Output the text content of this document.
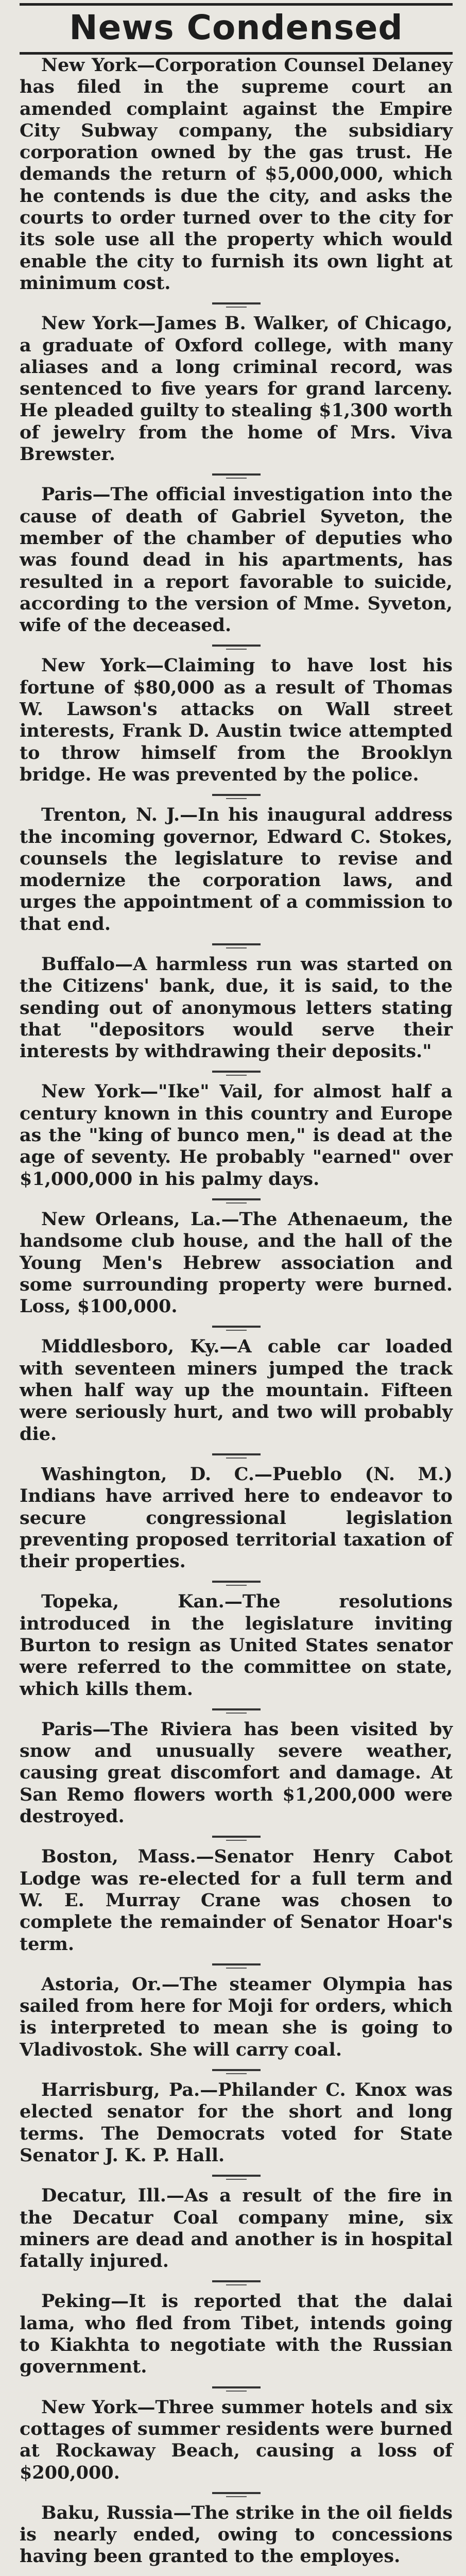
News Condensed

New York—Corporation Counsel Delaney has filed in the supreme court an amended complaint against the Empire City Subway company, the subsidiary corporation owned by the gas trust. He demands the return of $5,000,000, which he contends is due the city, and asks the courts to order turned over to the city for its sole use all the property which would enable the city to furnish its own light at minimum cost.

New York—James B. Walker, of Chicago, a graduate of Oxford college, with many aliases and a long criminal record, was sentenced to five years for grand larceny. He pleaded guilty to stealing $1,300 worth of jewelry from the home of Mrs. Viva Brewster.

Paris—The official investigation into the cause of death of Gabriel Syveton, the member of the chamber of deputies who was found dead in his apartments, has resulted in a report favorable to suicide, according to the version of Mme. Syveton, wife of the deceased.

New York—Claiming to have lost his fortune of $80,000 as a result of Thomas W. Lawson's attacks on Wall street interests, Frank D. Austin twice attempted to throw himself from the Brooklyn bridge. He was prevented by the police.

Trenton, N. J.—In his inaugural address the incoming governor, Edward C. Stokes, counsels the legislature to revise and modernize the corporation laws, and urges the appointment of a commission to that end.

Buffalo—A harmless run was started on the Citizens' bank, due, it is said, to the sending out of anonymous letters stating that "depositors would serve their interests by withdrawing their deposits."

New York—"Ike" Vail, for almost half a century known in this country and Europe as the "king of bunco men," is dead at the age of seventy. He probably "earned" over $1,000,000 in his palmy days.

New Orleans, La.—The Athenaeum, the handsome club house, and the hall of the Young Men's Hebrew association and some surrounding property were burned. Loss, $100,000.

Middlesboro, Ky.—A cable car loaded with seventeen miners jumped the track when half way up the mountain. Fifteen were seriously hurt, and two will probably die.

Washington, D. C.—Pueblo (N. M.) Indians have arrived here to endeavor to secure congressional legislation preventing proposed territorial taxation of their properties.

Topeka, Kan.—The resolutions introduced in the legislature inviting Burton to resign as United States senator were referred to the committee on state, which kills them.

Paris—The Riviera has been visited by snow and unusually severe weather, causing great discomfort and damage. At San Remo flowers worth $1,200,000 were destroyed.

Boston, Mass.—Senator Henry Cabot Lodge was re-elected for a full term and W. E. Murray Crane was chosen to complete the remainder of Senator Hoar's term.

Astoria, Or.—The steamer Olympia has sailed from here for Moji for orders, which is interpreted to mean she is going to Vladivostok. She will carry coal.

Harrisburg, Pa.—Philander C. Knox was elected senator for the short and long terms. The Democrats voted for State Senator J. K. P. Hall.

Decatur, Ill.—As a result of the fire in the Decatur Coal company mine, six miners are dead and another is in hospital fatally injured.

Peking—It is reported that the dalai lama, who fled from Tibet, intends going to Kiakhta to negotiate with the Russian government.

New York—Three summer hotels and six cottages of summer residents were burned at Rockaway Beach, causing a loss of $200,000.

Baku, Russia—The strike in the oil fields is nearly ended, owing to concessions having been granted to the employes.
